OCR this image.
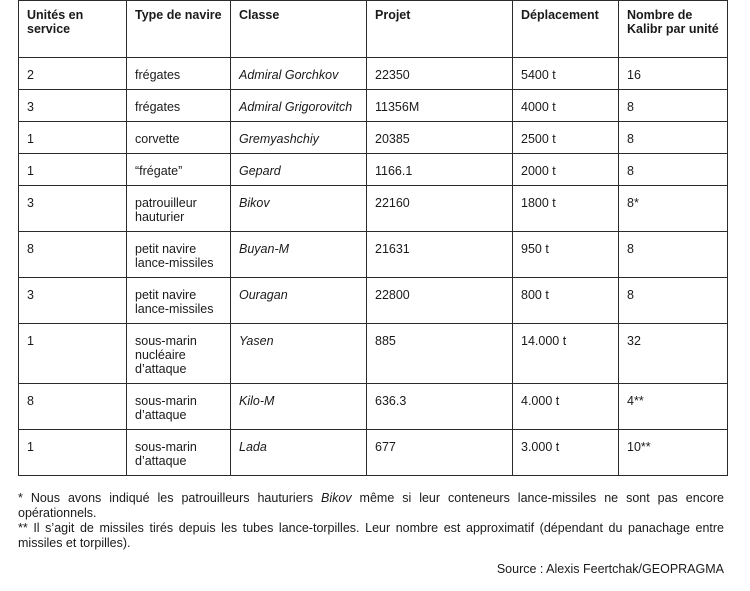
Unités en service	Type de navire	Classe	Projet	Déplacement	Nombre de Kalibr par unité
2	frégates	Admiral Gorchkov	22350	5400 t	16
3	frégates	Admiral Grigorovitch	11356M	4000 t	8
1	corvette	Gremyashchiy	20385	2500 t	8
1	“frégate”	Gepard	1166.1	2000 t	8
3	patrouilleur hauturier	Bikov	22160	1800 t	8*
8	petit navire lance-missiles	Buyan-M	21631	950 t	8
3	petit navire lance-missiles	Ouragan	22800	800 t	8
1	sous-marin nucléaire d’attaque	Yasen	885	14.000 t	32
8	sous-marin d’attaque	Kilo-M	636.3	4.000 t	4**
1	sous-marin d’attaque	Lada	677	3.000 t	10**

* Nous avons indiqué les patrouilleurs hauturiers Bikov même si leur conteneurs lance-missiles ne sont pas encore opérationnels.

** Il s’agit de missiles tirés depuis les tubes lance-torpilles. Leur nombre est approximatif (dépendant du panachage entre missiles et torpilles).

Source : Alexis Feertchak/GEOPRAGMA
